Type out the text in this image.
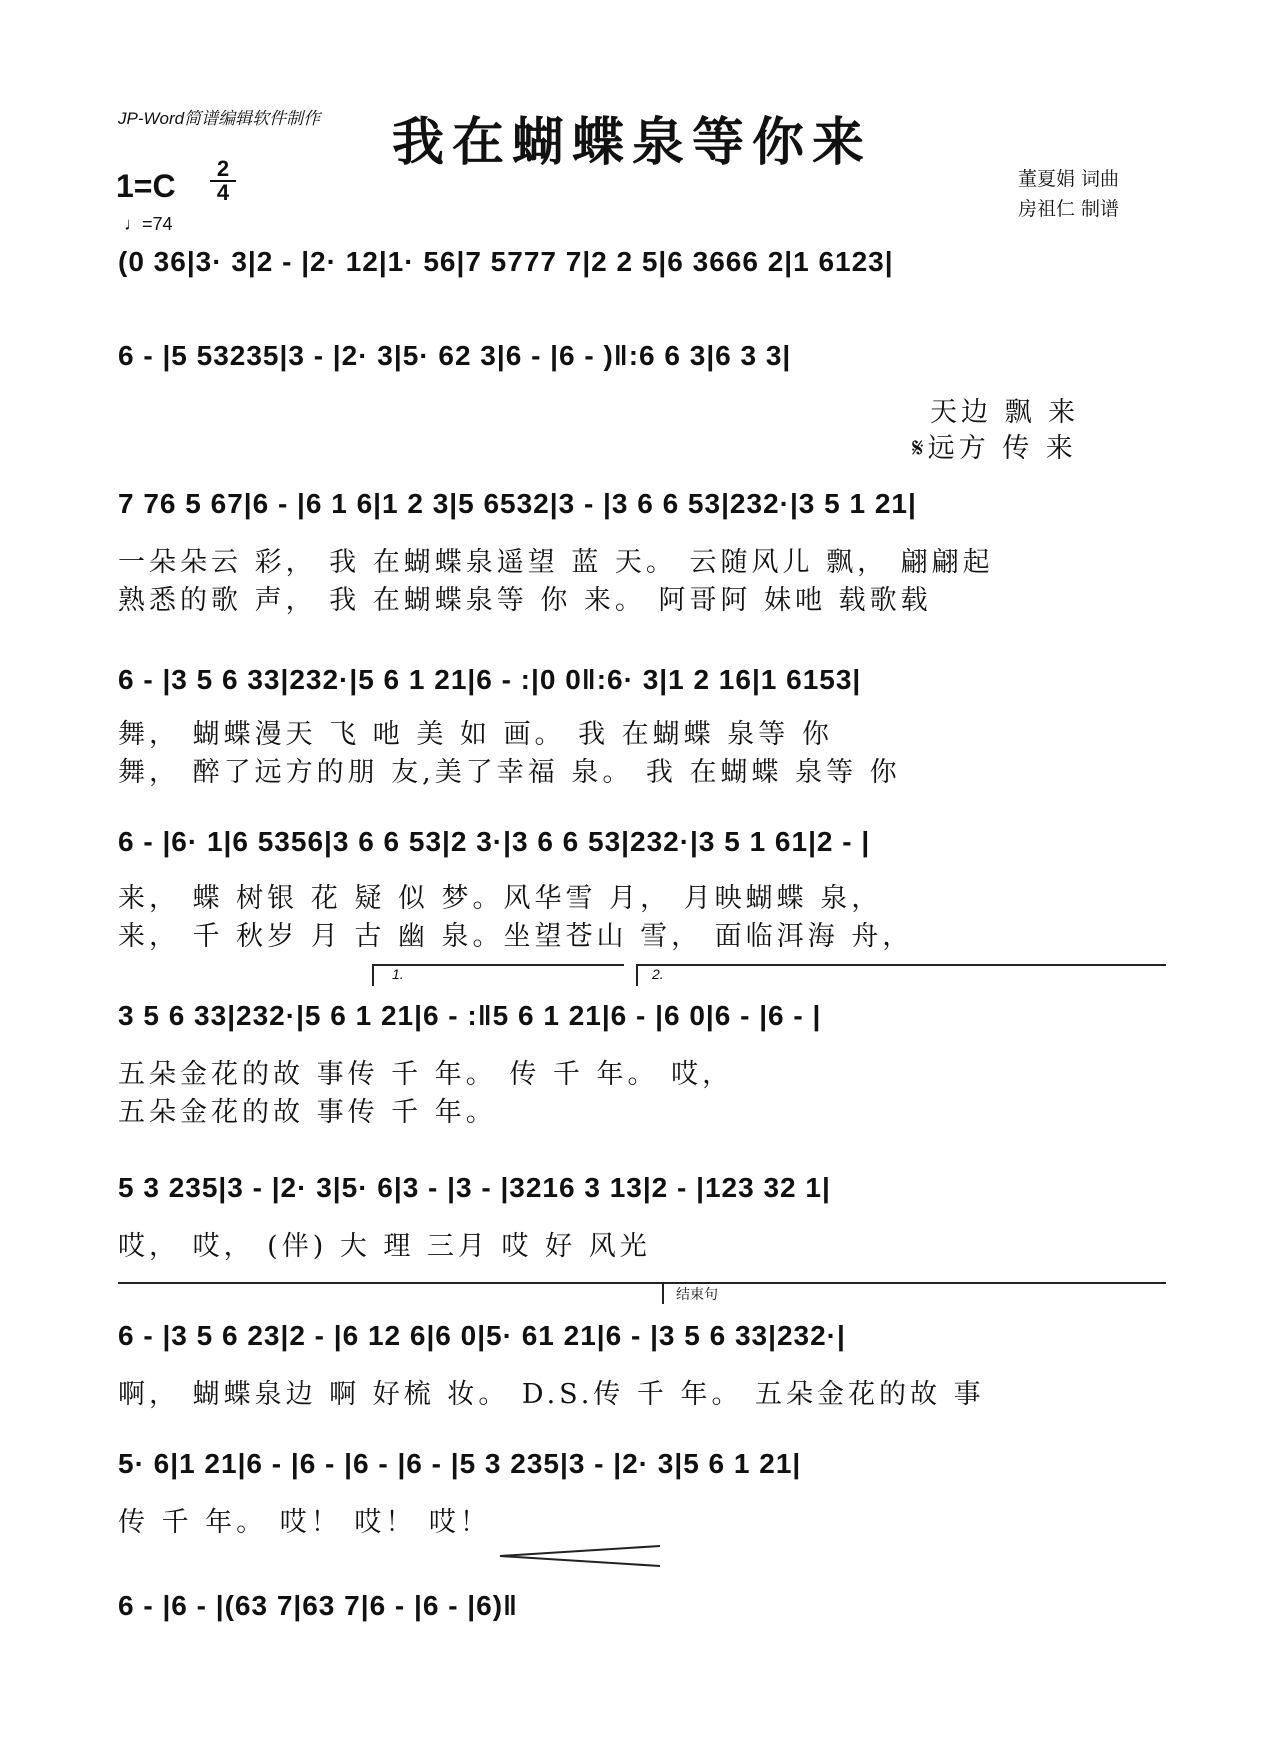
JP-Word简谱编辑软件制作 我在蝴蝶泉等你来
1=C	2
4
♩=74
董夏娟 词曲
房祖仁 制谱
(0 36|3· 3|2 - |2· 12|1· 56|7 5777 7|2 2 5|6 3666 2|1 6123|
6 - |5 53235|3 - |2· 3|5· 62 3|6 - |6 - )‖:6 6 3|6 3 3|
天边 飘 来
𝄋远方 传 来
7 76 5 67|6 - |6 1 6|1 2 3|5 6532|3 - |3 6 6 53|232·|3 5 1 21|
一朵朵云 彩， 我 在蝴蝶泉遥望 蓝 天。 云随风儿 飘， 翩翩起
熟悉的歌 声， 我 在蝴蝶泉等 你 来。 阿哥阿 妹吔 载歌载
6 - |3 5 6 33|232·|5 6 1 21|6 - :|0 0‖:6· 3|1 2 16|1 6153|
舞， 蝴蝶漫天 飞 吔 美 如 画。 我 在蝴蝶 泉等 你
舞， 醉了远方的朋 友,美了幸福 泉。 我 在蝴蝶 泉等 你
6 - |6· 1|6 5356|3 6 6 53|2 3·|3 6 6 53|232·|3 5 1 61|2 - |
来， 蝶 树银 花 疑 似 梦。风华雪 月， 月映蝴蝶 泉，
来， 千 秋岁 月 古 幽 泉。坐望苍山 雪， 面临洱海 舟，
1.	2.
3 5 6 33|232·|5 6 1 21|6 - :‖5 6 1 21|6 - |6 0|6 - |6 - |
五朵金花的故 事传 千 年。 传 千 年。 哎，
五朵金花的故 事传 千 年。
5 3 235|3 - |2· 3|5· 6|3 - |3 - |3216 3 13|2 - |123 32 1|
哎， 哎， (伴) 大 理 三月 哎 好 风光
结束句
6 - |3 5 6 23|2 - |6 12 6|6 0|5· 61 21|6 - |3 5 6 33|232·|
啊， 蝴蝶泉边 啊 好梳 妆。 D.S.传 千 年。 五朵金花的故 事
5· 6|1 21|6 - |6 - |6 - |6 - |5 3 235|3 - |2· 3|5 6 1 21|
传 千 年。 哎！ 哎！ 哎！
6 - |6 - |(63 7|63 7|6 - |6 - |6)‖
